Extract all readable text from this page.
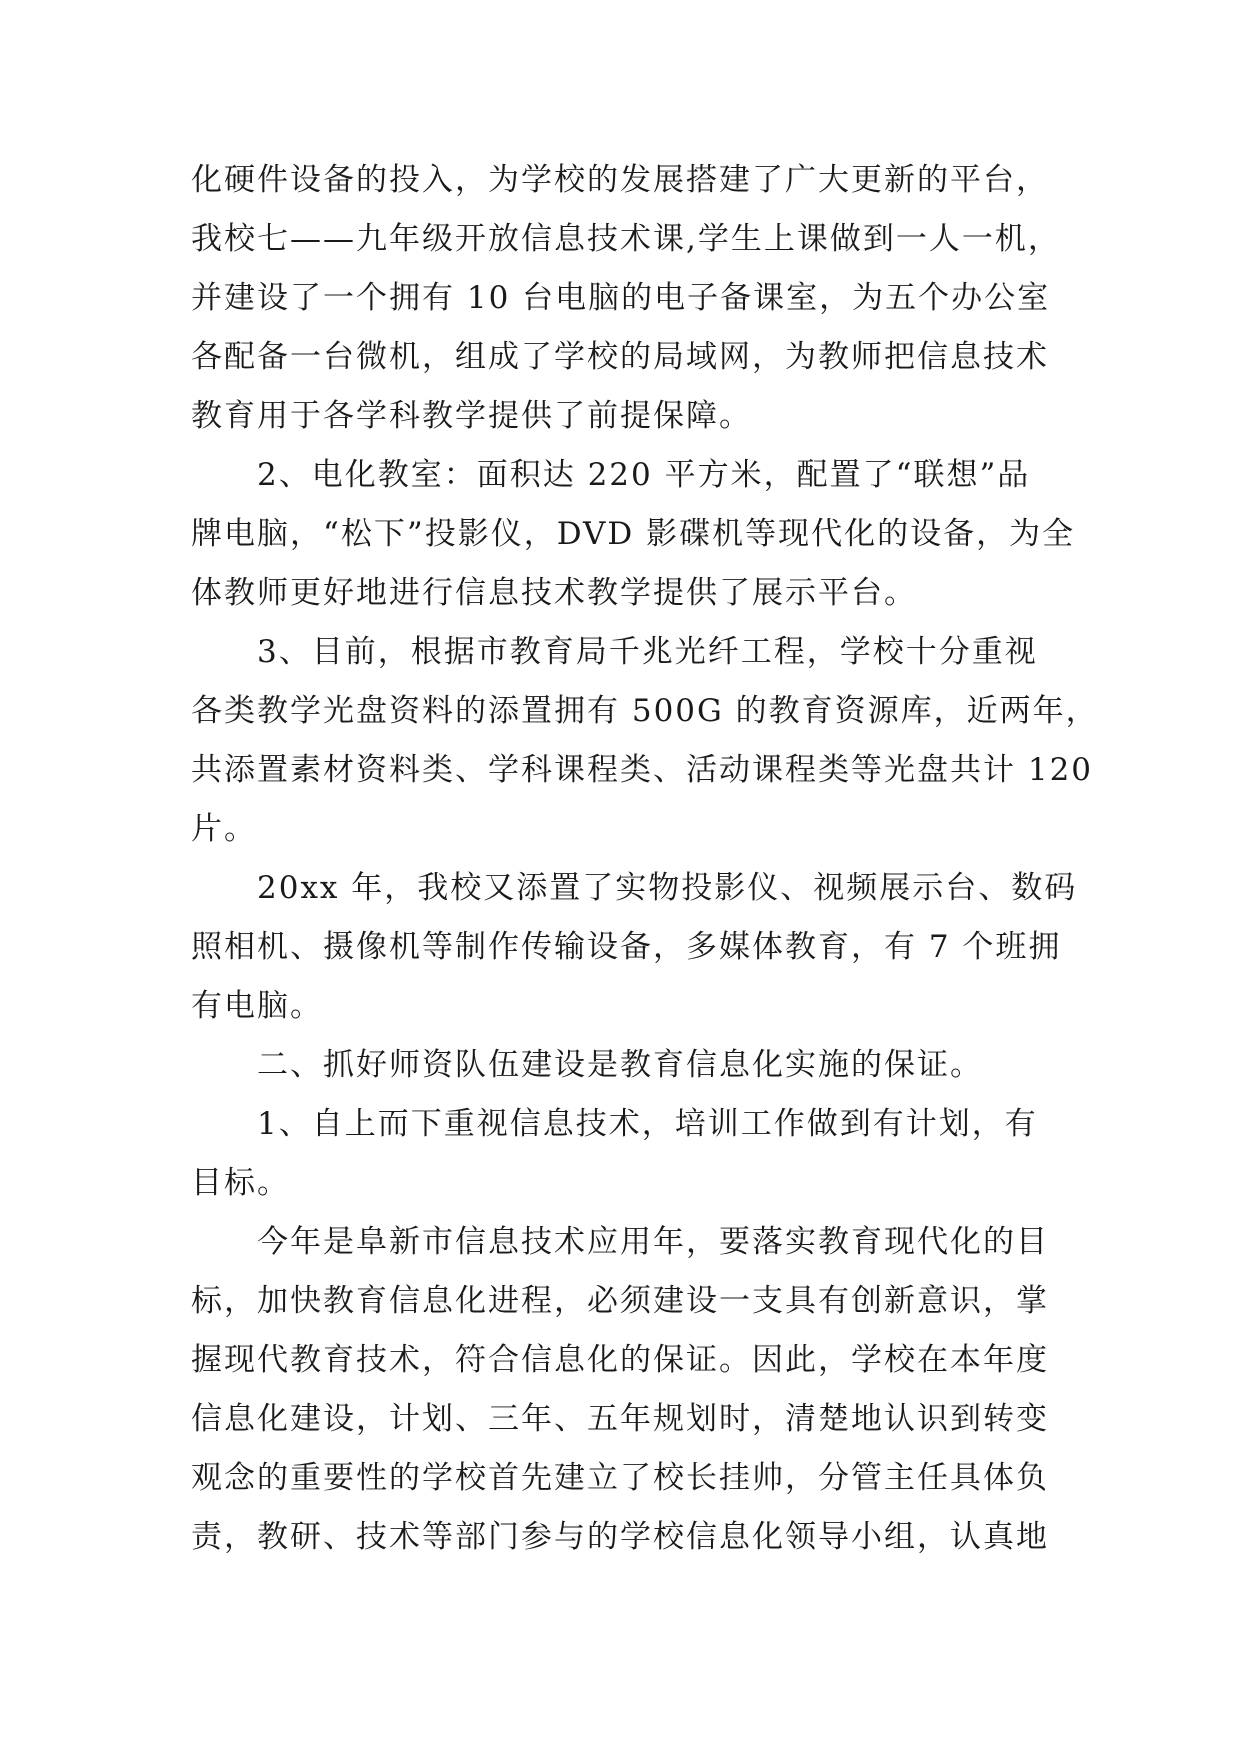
化硬件设备的投入，为学校的发展搭建了广大更新的平台，
我校七——九年级开放信息技术课,学生上课做到一人一机，
并建设了一个拥有 10 台电脑的电子备课室，为五个办公室
各配备一台微机，组成了学校的局域网，为教师把信息技术
教育用于各学科教学提供了前提保障。
2、电化教室：面积达 220 平方米，配置了“联想”品
牌电脑，“松下”投影仪，DVD 影碟机等现代化的设备，为全
体教师更好地进行信息技术教学提供了展示平台。
3、目前，根据市教育局千兆光纤工程，学校十分重视
各类教学光盘资料的添置拥有 500G 的教育资源库，近两年，
共添置素材资料类、学科课程类、活动课程类等光盘共计 120
片。
20xx 年，我校又添置了实物投影仪、视频展示台、数码
照相机、摄像机等制作传输设备，多媒体教育，有 7 个班拥
有电脑。
二、抓好师资队伍建设是教育信息化实施的保证。
1、自上而下重视信息技术，培训工作做到有计划，有
目标。
今年是阜新市信息技术应用年，要落实教育现代化的目
标，加快教育信息化进程，必须建设一支具有创新意识，掌
握现代教育技术，符合信息化的保证。因此，学校在本年度
信息化建设，计划、三年、五年规划时，清楚地认识到转变
观念的重要性的学校首先建立了校长挂帅，分管主任具体负
责，教研、技术等部门参与的学校信息化领导小组，认真地
